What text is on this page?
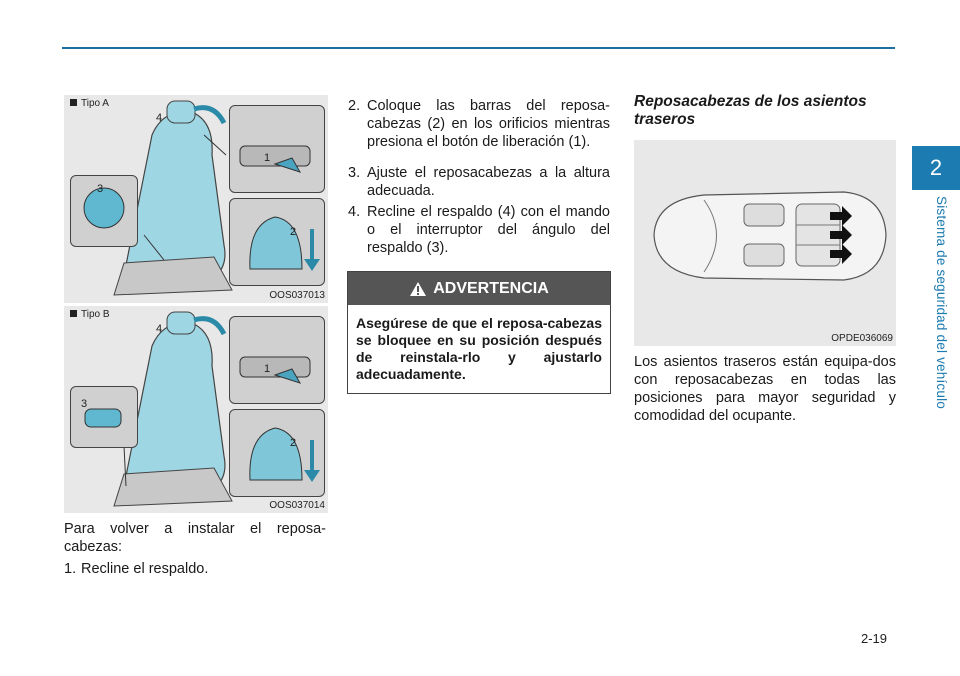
2
Sistema de seguridad del vehículo
Tipo A
4
3
1
2
OOS037013
Tipo B
4
3
1
2
OOS037014
Para volver a instalar el reposa-cabezas:
1. Recline el respaldo.
2. Coloque las barras del reposa-cabezas (2) en los orificios mientras presiona el botón de liberación (1).
3. Ajuste el reposacabezas a la altura adecuada.
4. Recline el respaldo (4) con el mando o el interruptor del ángulo del respaldo (3).
ADVERTENCIA
Asegúrese de que el reposa-cabezas se bloquee en su posición después de reinstala-rlo y ajustarlo adecuadamente.
Reposacabezas de los asientos traseros
OPDE036069
Los asientos traseros están equipa-dos con reposacabezas en todas las posiciones para mayor seguridad y comodidad del ocupante.
2-19
